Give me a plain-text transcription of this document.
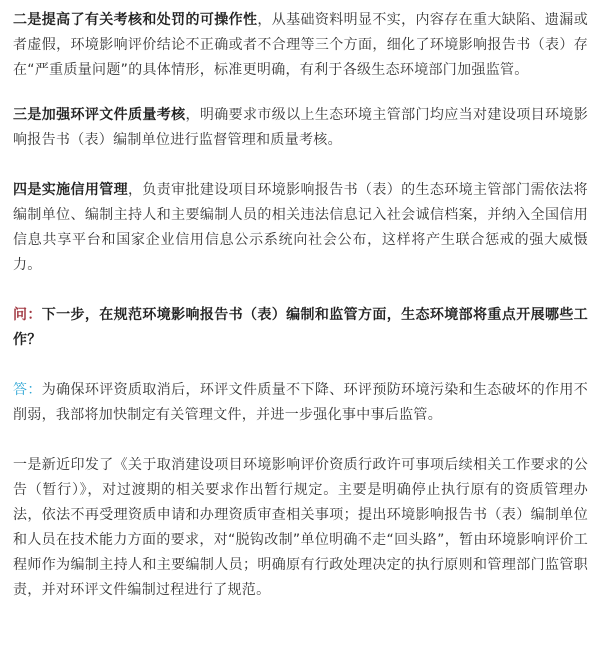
二是提高了有关考核和处罚的可操作性，从基础资料明显不实，内容存在重大缺陷、遗漏或者虚假，环境影响评价结论不正确或者不合理等三个方面，细化了环境影响报告书（表）存在“严重质量问题”的具体情形，标准更明确，有利于各级生态环境部门加强监管。

三是加强环评文件质量考核，明确要求市级以上生态环境主管部门均应当对建设项目环境影响报告书（表）编制单位进行监督管理和质量考核。

四是实施信用管理，负责审批建设项目环境影响报告书（表）的生态环境主管部门需依法将编制单位、编制主持人和主要编制人员的相关违法信息记入社会诚信档案，并纳入全国信用信息共享平台和国家企业信用信息公示系统向社会公布，这样将产生联合惩戒的强大威慑力。

问：下一步，在规范环境影响报告书（表）编制和监管方面，生态环境部将重点开展哪些工作？

答：为确保环评资质取消后，环评文件质量不下降、环评预防环境污染和生态破坏的作用不削弱，我部将加快制定有关管理文件，并进一步强化事中事后监管。

一是新近印发了《关于取消建设项目环境影响评价资质行政许可事项后续相关工作要求的公告（暂行）》，对过渡期的相关要求作出暂行规定。主要是明确停止执行原有的资质管理办法，依法不再受理资质申请和办理资质审查相关事项；提出环境影响报告书（表）编制单位和人员在技术能力方面的要求，对“脱钩改制”单位明确不走“回头路”，暂由环境影响评价工程师作为编制主持人和主要编制人员；明确原有行政处理决定的执行原则和管理部门监管职责，并对环评文件编制过程进行了规范。
